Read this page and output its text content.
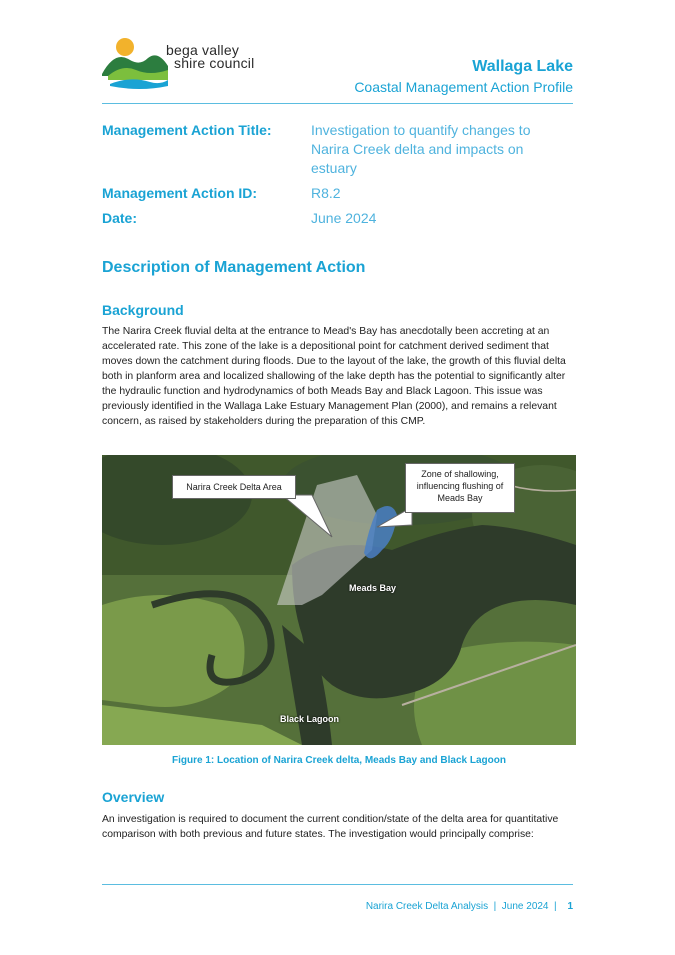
bega valley
shire council	Wallaga Lake
Coastal Management Action Profile
Management Action Title:	Investigation to quantify changes to Narira Creek delta and impacts on estuary
Management Action ID:	R8.2
Date:	June 2024
Description of Management Action
Background
The Narira Creek fluvial delta at the entrance to Mead's Bay has anecdotally been accreting at an accelerated rate. This zone of the lake is a depositional point for catchment derived sediment that moves down the catchment during floods. Due to the layout of the lake, the growth of this fluvial delta both in planform area and localized shallowing of the lake depth has the potential to significantly alter the hydraulic function and hydrodynamics of both Meads Bay and Black Lagoon. This issue was previously identified in the Wallaga Lake Estuary Management Plan (2000), and remains a relevant concern, as raised by stakeholders during the preparation of this CMP.
Narira Creek Delta Area
Zone of shallowing, influencing flushing of Meads Bay
Meads Bay
Black Lagoon
Figure 1: Location of Narira Creek delta, Meads Bay and Black Lagoon
Overview
An investigation is required to document the current condition/state of the delta area for quantitative comparison with both previous and future states. The investigation would principally comprise:
Narira Creek Delta Analysis  |  June 2024  | 1
